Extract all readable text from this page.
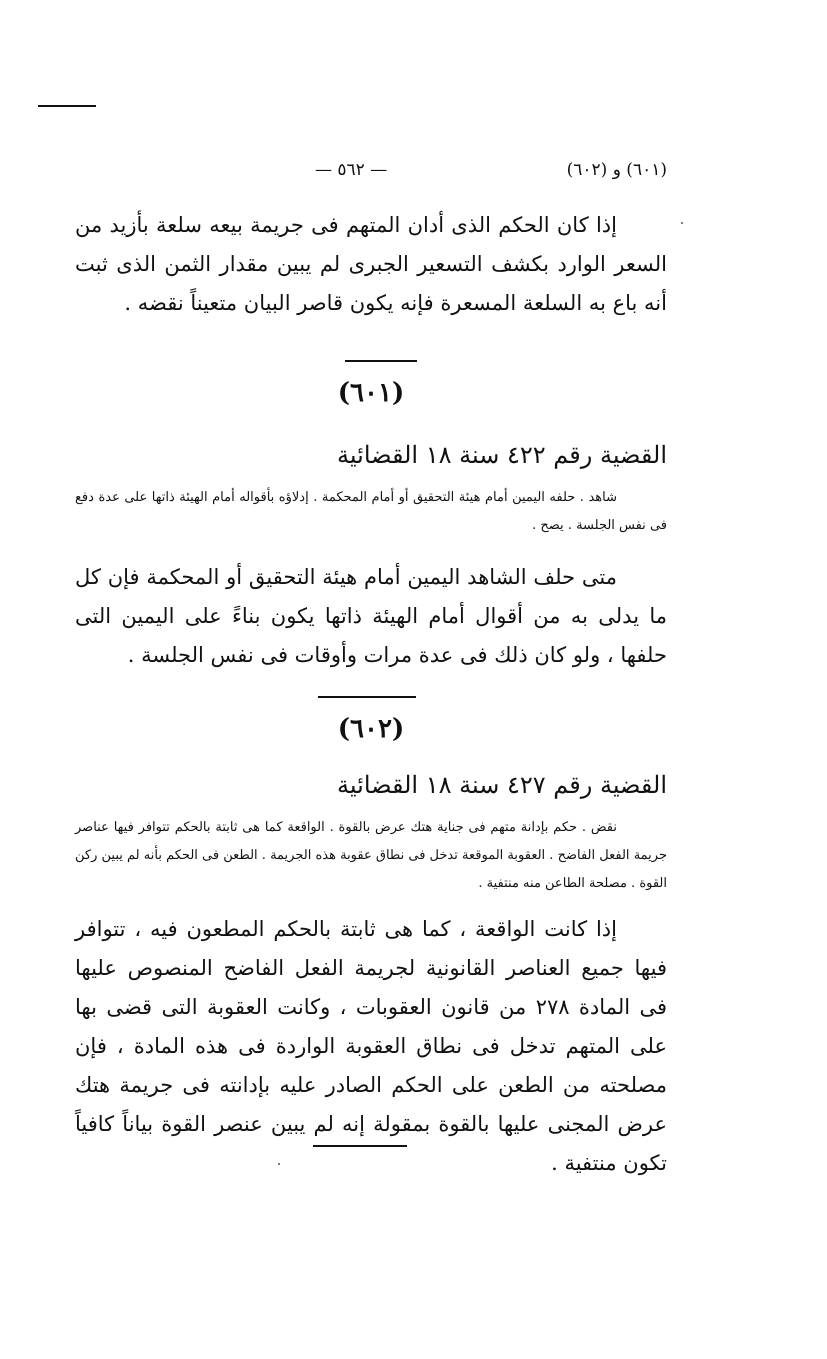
(٦٠١) و (٦٠٢)
— ٥٦٢ —

إذا كان الحكم الذى أدان المتهم فى جريمة بيعه سلعة بأزيد من السعر الوارد بكشف التسعير الجبرى لم يبين مقدار الثمن الذى ثبت أنه باع به السلعة المسعرة فإنه يكون قاصر البيان متعيناً نقضه .

(٦٠١)
القضية رقم ٤٢٢ سنة ١٨ القضائية

شاهد . حلفه اليمين أمام هيئة التحقيق أو أمام المحكمة . إدلاؤه بأقواله أمام الهيئة ذاتها على عدة دفع فى نفس الجلسة . يصح .

متى حلف الشاهد اليمين أمام هيئة التحقيق أو المحكمة فإن كل ما يدلى به من أقوال أمام الهيئة ذاتها يكون بناءً على اليمين التى حلفها ، ولو كان ذلك فى عدة مرات وأوقات فى نفس الجلسة .

(٦٠٢)
القضية رقم ٤٢٧ سنة ١٨ القضائية

نقض . حكم بإدانة متهم فى جناية هتك عرض بالقوة . الواقعة كما هى ثابتة بالحكم تتوافر فيها عناصر جريمة الفعل الفاضح . العقوبة الموقعة تدخل فى نطاق عقوبة هذه الجريمة . الطعن فى الحكم بأنه لم يبين ركن القوة . مصلحة الطاعن منه منتفية .

إذا كانت الواقعة ، كما هى ثابتة بالحكم المطعون فيه ، تتوافر فيها جميع العناصر القانونية لجريمة الفعل الفاضح المنصوص عليها فى المادة ٢٧٨ من قانون العقوبات ، وكانت العقوبة التى قضى بها على المتهم تدخل فى نطاق العقوبة الواردة فى هذه المادة ، فإن مصلحته من الطعن على الحكم الصادر عليه بإدانته فى جريمة هتك عرض المجنى عليها بالقوة بمقولة إنه لم يبين عنصر القوة بياناً كافياً تكون منتفية .
